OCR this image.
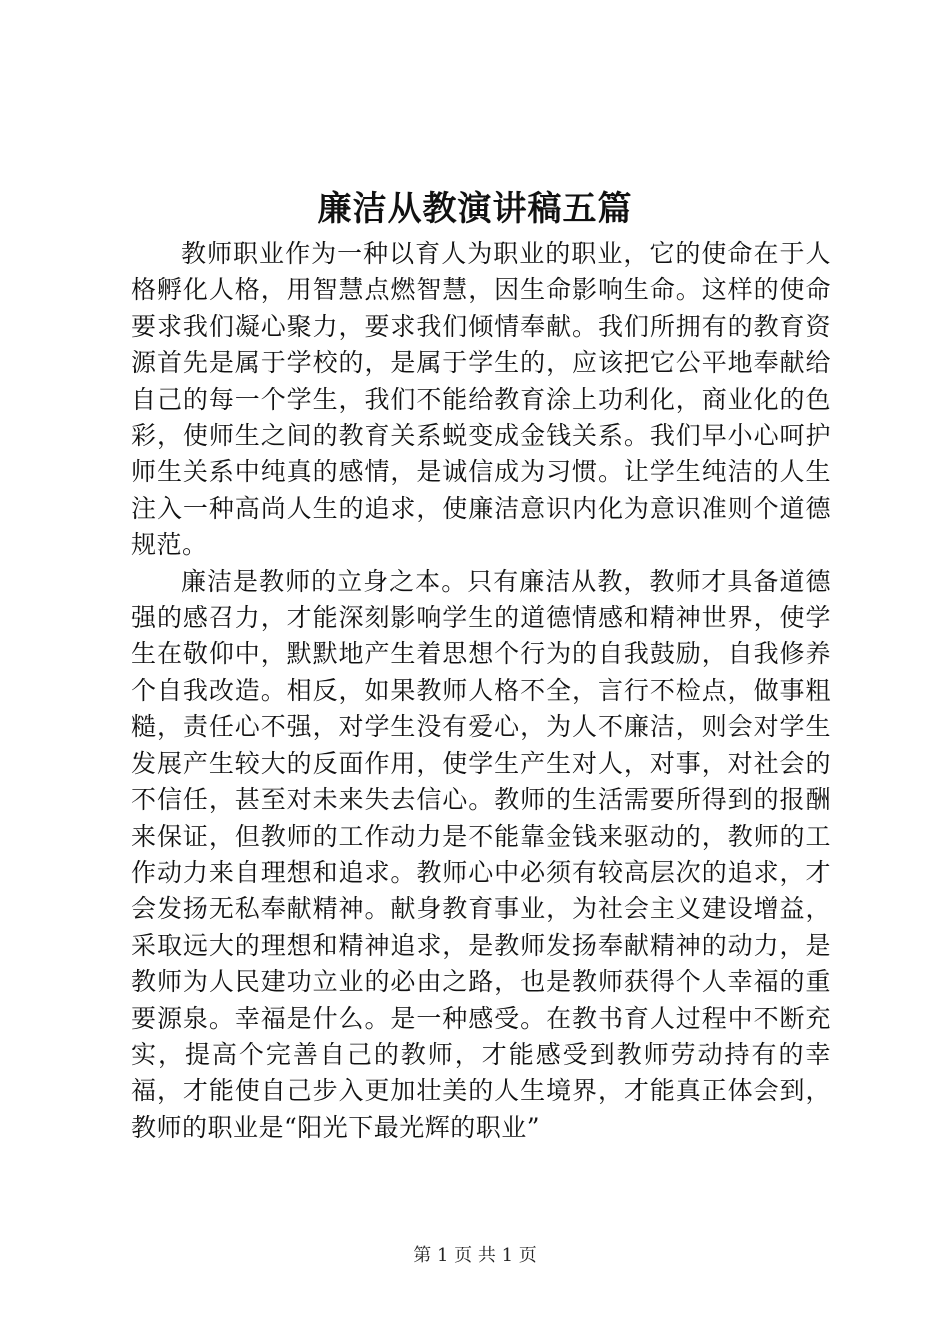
廉洁从教演讲稿五篇

教师职业作为一种以育人为职业的职业，它的使命在于人格孵化人格，用智慧点燃智慧，因生命影响生命。这样的使命要求我们凝心聚力，要求我们倾情奉献。我们所拥有的教育资源首先是属于学校的，是属于学生的，应该把它公平地奉献给自己的每一个学生，我们不能给教育涂上功利化，商业化的色彩，使师生之间的教育关系蜕变成金钱关系。我们早小心呵护师生关系中纯真的感情，是诚信成为习惯。让学生纯洁的人生注入一种高尚人生的追求，使廉洁意识内化为意识准则个道德规范。

廉洁是教师的立身之本。只有廉洁从教，教师才具备道德强的感召力，才能深刻影响学生的道德情感和精神世界，使学生在敬仰中，默默地产生着思想个行为的自我鼓励，自我修养个自我改造。相反，如果教师人格不全，言行不检点，做事粗糙，责任心不强，对学生没有爱心，为人不廉洁，则会对学生发展产生较大的反面作用，使学生产生对人，对事，对社会的不信任，甚至对未来失去信心。教师的生活需要所得到的报酬来保证，但教师的工作动力是不能靠金钱来驱动的，教师的工作动力来自理想和追求。教师心中必须有较高层次的追求，才会发扬无私奉献精神。献身教育事业，为社会主义建设增益，采取远大的理想和精神追求，是教师发扬奉献精神的动力，是教师为人民建功立业的必由之路，也是教师获得个人幸福的重要源泉。幸福是什么。是一种感受。在教书育人过程中不断充实，提高个完善自己的教师，才能感受到教师劳动持有的幸福，才能使自己步入更加壮美的人生境界，才能真正体会到，教师的职业是“阳光下最光辉的职业”

第 1 页 共 1 页
